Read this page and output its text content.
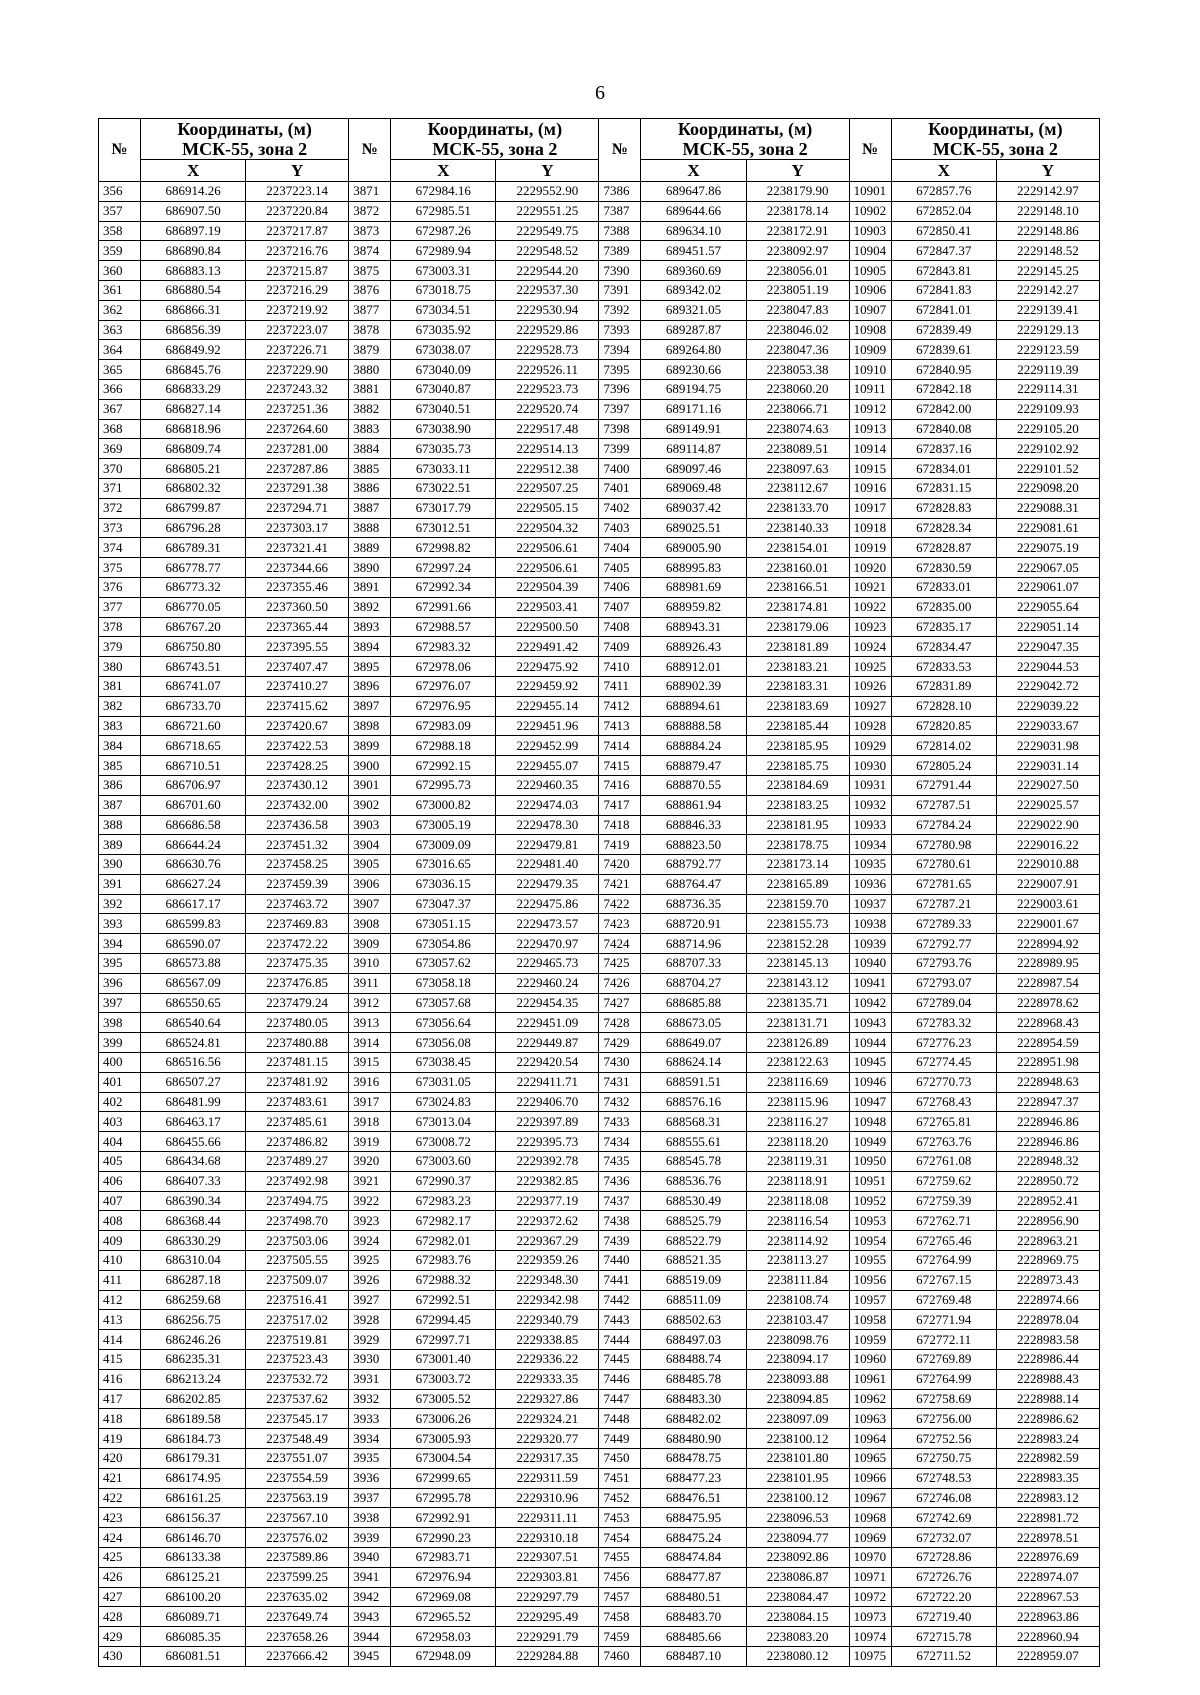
6
№	Координаты, (м)
МСК-55, зона 2		№	Координаты, (м)
МСК-55, зона 2		№	Координаты, (м)
МСК-55, зона 2		№	Координаты, (м)
МСК-55, зона 2	
	X	Y		X	Y		X	Y		X	Y
356	686914.26	2237223.14	3871	672984.16	2229552.90	7386	689647.86	2238179.90	10901	672857.76	2229142.97
357	686907.50	2237220.84	3872	672985.51	2229551.25	7387	689644.66	2238178.14	10902	672852.04	2229148.10
358	686897.19	2237217.87	3873	672987.26	2229549.75	7388	689634.10	2238172.91	10903	672850.41	2229148.86
359	686890.84	2237216.76	3874	672989.94	2229548.52	7389	689451.57	2238092.97	10904	672847.37	2229148.52
360	686883.13	2237215.87	3875	673003.31	2229544.20	7390	689360.69	2238056.01	10905	672843.81	2229145.25
361	686880.54	2237216.29	3876	673018.75	2229537.30	7391	689342.02	2238051.19	10906	672841.83	2229142.27
362	686866.31	2237219.92	3877	673034.51	2229530.94	7392	689321.05	2238047.83	10907	672841.01	2229139.41
363	686856.39	2237223.07	3878	673035.92	2229529.86	7393	689287.87	2238046.02	10908	672839.49	2229129.13
364	686849.92	2237226.71	3879	673038.07	2229528.73	7394	689264.80	2238047.36	10909	672839.61	2229123.59
365	686845.76	2237229.90	3880	673040.09	2229526.11	7395	689230.66	2238053.38	10910	672840.95	2229119.39
366	686833.29	2237243.32	3881	673040.87	2229523.73	7396	689194.75	2238060.20	10911	672842.18	2229114.31
367	686827.14	2237251.36	3882	673040.51	2229520.74	7397	689171.16	2238066.71	10912	672842.00	2229109.93
368	686818.96	2237264.60	3883	673038.90	2229517.48	7398	689149.91	2238074.63	10913	672840.08	2229105.20
369	686809.74	2237281.00	3884	673035.73	2229514.13	7399	689114.87	2238089.51	10914	672837.16	2229102.92
370	686805.21	2237287.86	3885	673033.11	2229512.38	7400	689097.46	2238097.63	10915	672834.01	2229101.52
371	686802.32	2237291.38	3886	673022.51	2229507.25	7401	689069.48	2238112.67	10916	672831.15	2229098.20
372	686799.87	2237294.71	3887	673017.79	2229505.15	7402	689037.42	2238133.70	10917	672828.83	2229088.31
373	686796.28	2237303.17	3888	673012.51	2229504.32	7403	689025.51	2238140.33	10918	672828.34	2229081.61
374	686789.31	2237321.41	3889	672998.82	2229506.61	7404	689005.90	2238154.01	10919	672828.87	2229075.19
375	686778.77	2237344.66	3890	672997.24	2229506.61	7405	688995.83	2238160.01	10920	672830.59	2229067.05
376	686773.32	2237355.46	3891	672992.34	2229504.39	7406	688981.69	2238166.51	10921	672833.01	2229061.07
377	686770.05	2237360.50	3892	672991.66	2229503.41	7407	688959.82	2238174.81	10922	672835.00	2229055.64
378	686767.20	2237365.44	3893	672988.57	2229500.50	7408	688943.31	2238179.06	10923	672835.17	2229051.14
379	686750.80	2237395.55	3894	672983.32	2229491.42	7409	688926.43	2238181.89	10924	672834.47	2229047.35
380	686743.51	2237407.47	3895	672978.06	2229475.92	7410	688912.01	2238183.21	10925	672833.53	2229044.53
381	686741.07	2237410.27	3896	672976.07	2229459.92	7411	688902.39	2238183.31	10926	672831.89	2229042.72
382	686733.70	2237415.62	3897	672976.95	2229455.14	7412	688894.61	2238183.69	10927	672828.10	2229039.22
383	686721.60	2237420.67	3898	672983.09	2229451.96	7413	688888.58	2238185.44	10928	672820.85	2229033.67
384	686718.65	2237422.53	3899	672988.18	2229452.99	7414	688884.24	2238185.95	10929	672814.02	2229031.98
385	686710.51	2237428.25	3900	672992.15	2229455.07	7415	688879.47	2238185.75	10930	672805.24	2229031.14
386	686706.97	2237430.12	3901	672995.73	2229460.35	7416	688870.55	2238184.69	10931	672791.44	2229027.50
387	686701.60	2237432.00	3902	673000.82	2229474.03	7417	688861.94	2238183.25	10932	672787.51	2229025.57
388	686686.58	2237436.58	3903	673005.19	2229478.30	7418	688846.33	2238181.95	10933	672784.24	2229022.90
389	686644.24	2237451.32	3904	673009.09	2229479.81	7419	688823.50	2238178.75	10934	672780.98	2229016.22
390	686630.76	2237458.25	3905	673016.65	2229481.40	7420	688792.77	2238173.14	10935	672780.61	2229010.88
391	686627.24	2237459.39	3906	673036.15	2229479.35	7421	688764.47	2238165.89	10936	672781.65	2229007.91
392	686617.17	2237463.72	3907	673047.37	2229475.86	7422	688736.35	2238159.70	10937	672787.21	2229003.61
393	686599.83	2237469.83	3908	673051.15	2229473.57	7423	688720.91	2238155.73	10938	672789.33	2229001.67
394	686590.07	2237472.22	3909	673054.86	2229470.97	7424	688714.96	2238152.28	10939	672792.77	2228994.92
395	686573.88	2237475.35	3910	673057.62	2229465.73	7425	688707.33	2238145.13	10940	672793.76	2228989.95
396	686567.09	2237476.85	3911	673058.18	2229460.24	7426	688704.27	2238143.12	10941	672793.07	2228987.54
397	686550.65	2237479.24	3912	673057.68	2229454.35	7427	688685.88	2238135.71	10942	672789.04	2228978.62
398	686540.64	2237480.05	3913	673056.64	2229451.09	7428	688673.05	2238131.71	10943	672783.32	2228968.43
399	686524.81	2237480.88	3914	673056.08	2229449.87	7429	688649.07	2238126.89	10944	672776.23	2228954.59
400	686516.56	2237481.15	3915	673038.45	2229420.54	7430	688624.14	2238122.63	10945	672774.45	2228951.98
401	686507.27	2237481.92	3916	673031.05	2229411.71	7431	688591.51	2238116.69	10946	672770.73	2228948.63
402	686481.99	2237483.61	3917	673024.83	2229406.70	7432	688576.16	2238115.96	10947	672768.43	2228947.37
403	686463.17	2237485.61	3918	673013.04	2229397.89	7433	688568.31	2238116.27	10948	672765.81	2228946.86
404	686455.66	2237486.82	3919	673008.72	2229395.73	7434	688555.61	2238118.20	10949	672763.76	2228946.86
405	686434.68	2237489.27	3920	673003.60	2229392.78	7435	688545.78	2238119.31	10950	672761.08	2228948.32
406	686407.33	2237492.98	3921	672990.37	2229382.85	7436	688536.76	2238118.91	10951	672759.62	2228950.72
407	686390.34	2237494.75	3922	672983.23	2229377.19	7437	688530.49	2238118.08	10952	672759.39	2228952.41
408	686368.44	2237498.70	3923	672982.17	2229372.62	7438	688525.79	2238116.54	10953	672762.71	2228956.90
409	686330.29	2237503.06	3924	672982.01	2229367.29	7439	688522.79	2238114.92	10954	672765.46	2228963.21
410	686310.04	2237505.55	3925	672983.76	2229359.26	7440	688521.35	2238113.27	10955	672764.99	2228969.75
411	686287.18	2237509.07	3926	672988.32	2229348.30	7441	688519.09	2238111.84	10956	672767.15	2228973.43
412	686259.68	2237516.41	3927	672992.51	2229342.98	7442	688511.09	2238108.74	10957	672769.48	2228974.66
413	686256.75	2237517.02	3928	672994.45	2229340.79	7443	688502.63	2238103.47	10958	672771.94	2228978.04
414	686246.26	2237519.81	3929	672997.71	2229338.85	7444	688497.03	2238098.76	10959	672772.11	2228983.58
415	686235.31	2237523.43	3930	673001.40	2229336.22	7445	688488.74	2238094.17	10960	672769.89	2228986.44
416	686213.24	2237532.72	3931	673003.72	2229333.35	7446	688485.78	2238093.88	10961	672764.99	2228988.43
417	686202.85	2237537.62	3932	673005.52	2229327.86	7447	688483.30	2238094.85	10962	672758.69	2228988.14
418	686189.58	2237545.17	3933	673006.26	2229324.21	7448	688482.02	2238097.09	10963	672756.00	2228986.62
419	686184.73	2237548.49	3934	673005.93	2229320.77	7449	688480.90	2238100.12	10964	672752.56	2228983.24
420	686179.31	2237551.07	3935	673004.54	2229317.35	7450	688478.75	2238101.80	10965	672750.75	2228982.59
421	686174.95	2237554.59	3936	672999.65	2229311.59	7451	688477.23	2238101.95	10966	672748.53	2228983.35
422	686161.25	2237563.19	3937	672995.78	2229310.96	7452	688476.51	2238100.12	10967	672746.08	2228983.12
423	686156.37	2237567.10	3938	672992.91	2229311.11	7453	688475.95	2238096.53	10968	672742.69	2228981.72
424	686146.70	2237576.02	3939	672990.23	2229310.18	7454	688475.24	2238094.77	10969	672732.07	2228978.51
425	686133.38	2237589.86	3940	672983.71	2229307.51	7455	688474.84	2238092.86	10970	672728.86	2228976.69
426	686125.21	2237599.25	3941	672976.94	2229303.81	7456	688477.87	2238086.87	10971	672726.76	2228974.07
427	686100.20	2237635.02	3942	672969.08	2229297.79	7457	688480.51	2238084.47	10972	672722.20	2228967.53
428	686089.71	2237649.74	3943	672965.52	2229295.49	7458	688483.70	2238084.15	10973	672719.40	2228963.86
429	686085.35	2237658.26	3944	672958.03	2229291.79	7459	688485.66	2238083.20	10974	672715.78	2228960.94
430	686081.51	2237666.42	3945	672948.09	2229284.88	7460	688487.10	2238080.12	10975	672711.52	2228959.07
